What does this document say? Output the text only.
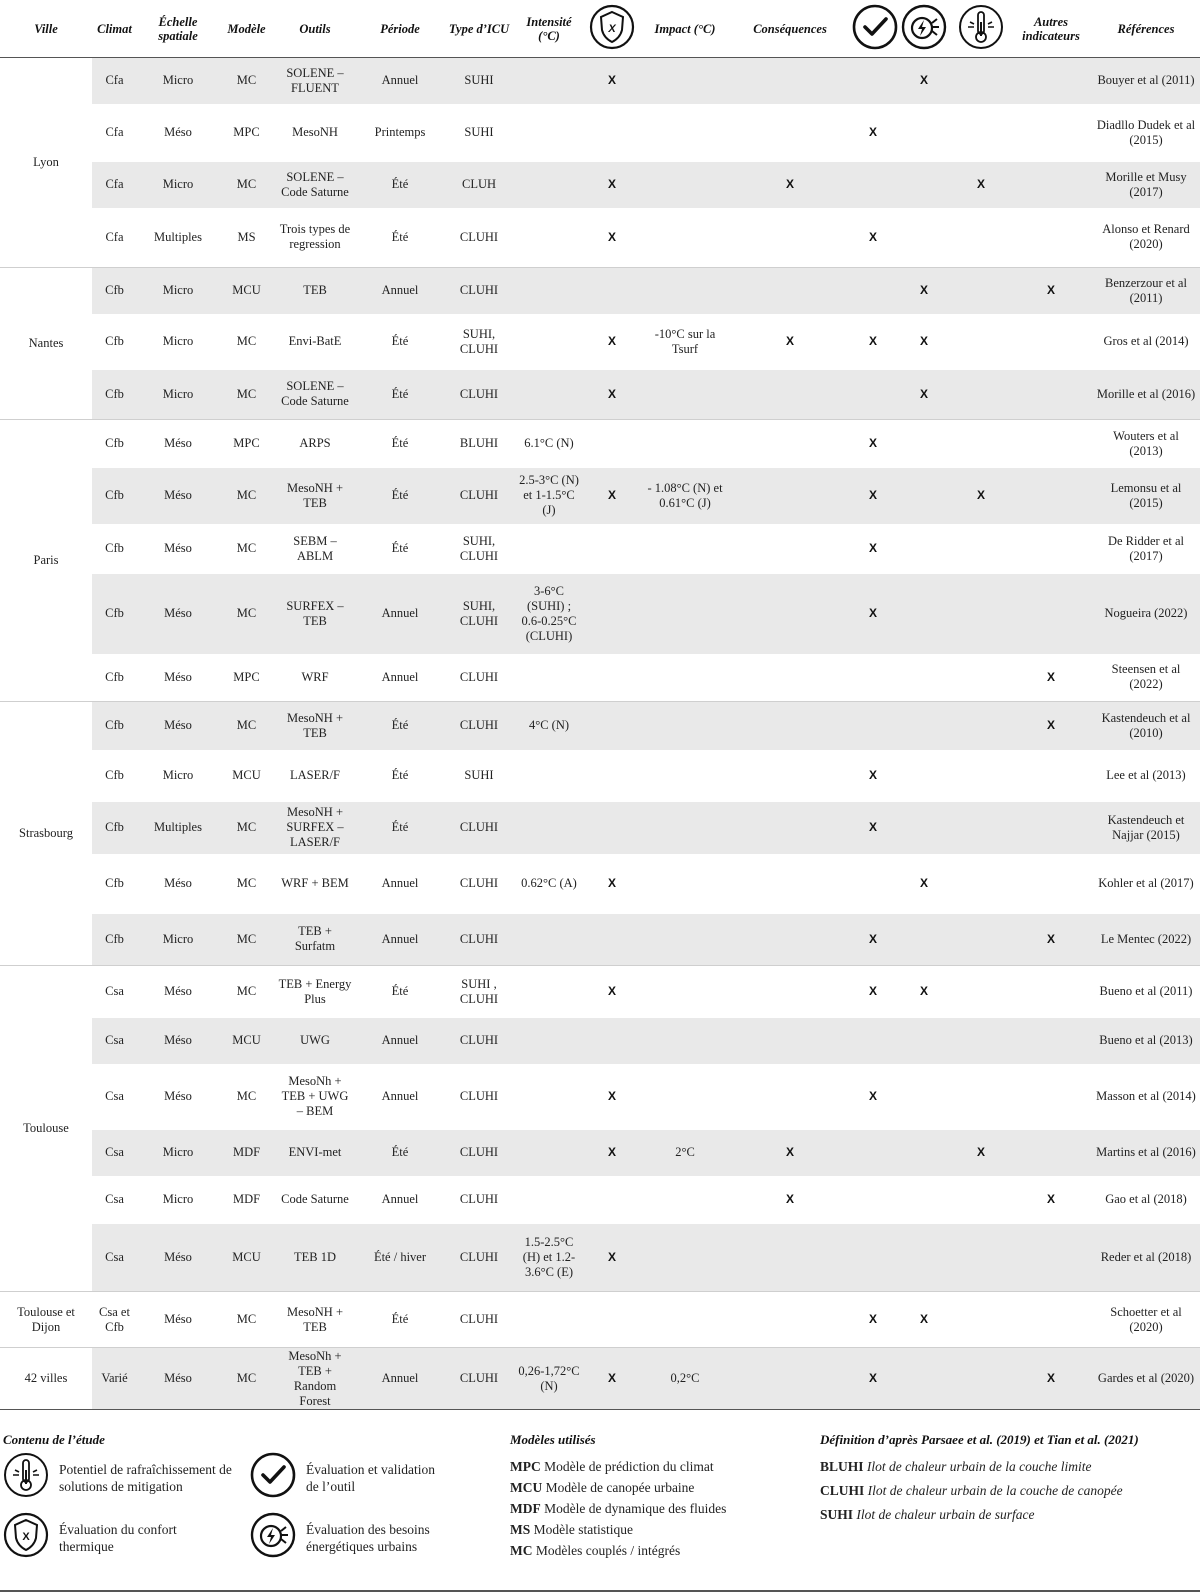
Ville	Climat	Échelle spatiale	Modèle	Outils	Période	Type d’ICU	Intensité (°C)	X	Impact (°C)	Conséquences				Autres indicateurs	Références
Lyon	Cfa	Micro	MC	SOLENE – FLUENT	Annuel	SUHI		X				X			Bouyer et al (2011)
	Cfa	Méso	MPC	MesoNH	Printemps	SUHI					X				Diadllo Dudek et al (2015)
	Cfa	Micro	MC	SOLENE – Code Saturne	Été	CLUH		X		X			X		Morille et Musy (2017)
	Cfa	Multiples	MS	Trois types de regression	Été	CLUHI		X			X				Alonso et Renard (2020)
Nantes	Cfb	Micro	MCU	TEB	Annuel	CLUHI						X		X	Benzerzour et al (2011)
	Cfb	Micro	MC	Envi-BatE	Été	SUHI, CLUHI		X	-10°C sur la Tsurf	X	X	X			Gros et al (2014)
	Cfb	Micro	MC	SOLENE – Code Saturne	Été	CLUHI		X				X			Morille et al (2016)
Paris	Cfb	Méso	MPC	ARPS	Été	BLUHI	6.1°C (N)				X				Wouters et al (2013)
	Cfb	Méso	MC	MesoNH + TEB	Été	CLUHI	2.5-3°C (N) et 1-1.5°C (J)	X	- 1.08°C (N) et 0.61°C (J)		X		X		Lemonsu et al (2015)
	Cfb	Méso	MC	SEBM – ABLM	Été	SUHI, CLUHI					X				De Ridder et al (2017)
	Cfb	Méso	MC	SURFEX – TEB	Annuel	SUHI, CLUHI	3-6°C (SUHI) ; 0.6-0.25°C (CLUHI)				X				Nogueira (2022)
	Cfb	Méso	MPC	WRF	Annuel	CLUHI								X	Steensen et al (2022)
Strasbourg	Cfb	Méso	MC	MesoNH + TEB	Été	CLUHI	4°C (N)							X	Kastendeuch et al (2010)
	Cfb	Micro	MCU	LASER/F	Été	SUHI					X				Lee et al (2013)
	Cfb	Multiples	MC	MesoNH + SURFEX – LASER/F	Été	CLUHI					X				Kastendeuch et Najjar (2015)
	Cfb	Méso	MC	WRF + BEM	Annuel	CLUHI	0.62°C (A)	X				X			Kohler et al (2017)
	Cfb	Micro	MC	TEB + Surfatm	Annuel	CLUHI					X			X	Le Mentec (2022)
Toulouse	Csa	Méso	MC	TEB + Energy Plus	Été	SUHI , CLUHI		X			X	X			Bueno et al (2011)
	Csa	Méso	MCU	UWG	Annuel	CLUHI									Bueno et al (2013)
	Csa	Méso	MC	MesoNh + TEB + UWG – BEM	Annuel	CLUHI		X			X				Masson et al (2014)
	Csa	Micro	MDF	ENVI-met	Été	CLUHI		X	2°C	X			X		Martins et al (2016)
	Csa	Micro	MDF	Code Saturne	Annuel	CLUHI				X				X	Gao et al (2018)
	Csa	Méso	MCU	TEB 1D	Été / hiver	CLUHI	1.5-2.5°C (H) et 1.2-3.6°C (E)	X							Reder et al (2018)
Toulouse et Dijon	Csa et Cfb	Méso	MC	MesoNH + TEB	Été	CLUHI					X	X			Schoetter et al (2020)
42 villes	Varié	Méso	MC	MesoNh + TEB + Random Forest	Annuel	CLUHI	0,26-1,72°C (N)	X	0,2°C		X			X	Gardes et al (2020)
Contenu de l’étude
Potentiel de rafraîchissement de solutions de mitigation
Évaluation et validation de l’outil
X
Évaluation du confort thermique
Évaluation des besoins énergétiques urbains
Modèles utilisés
MPC Modèle de prédiction du climat
MCU Modèle de canopée urbaine
MDF Modèle de dynamique des fluides
MS Modèle statistique
MC Modèles couplés / intégrés
Définition d’après Parsaee et al. (2019) et Tian et al. (2021)
BLUHI Ilot de chaleur urbain de la couche limite
CLUHI Ilot de chaleur urbain de la couche de canopée
SUHI Ilot de chaleur urbain de surface
